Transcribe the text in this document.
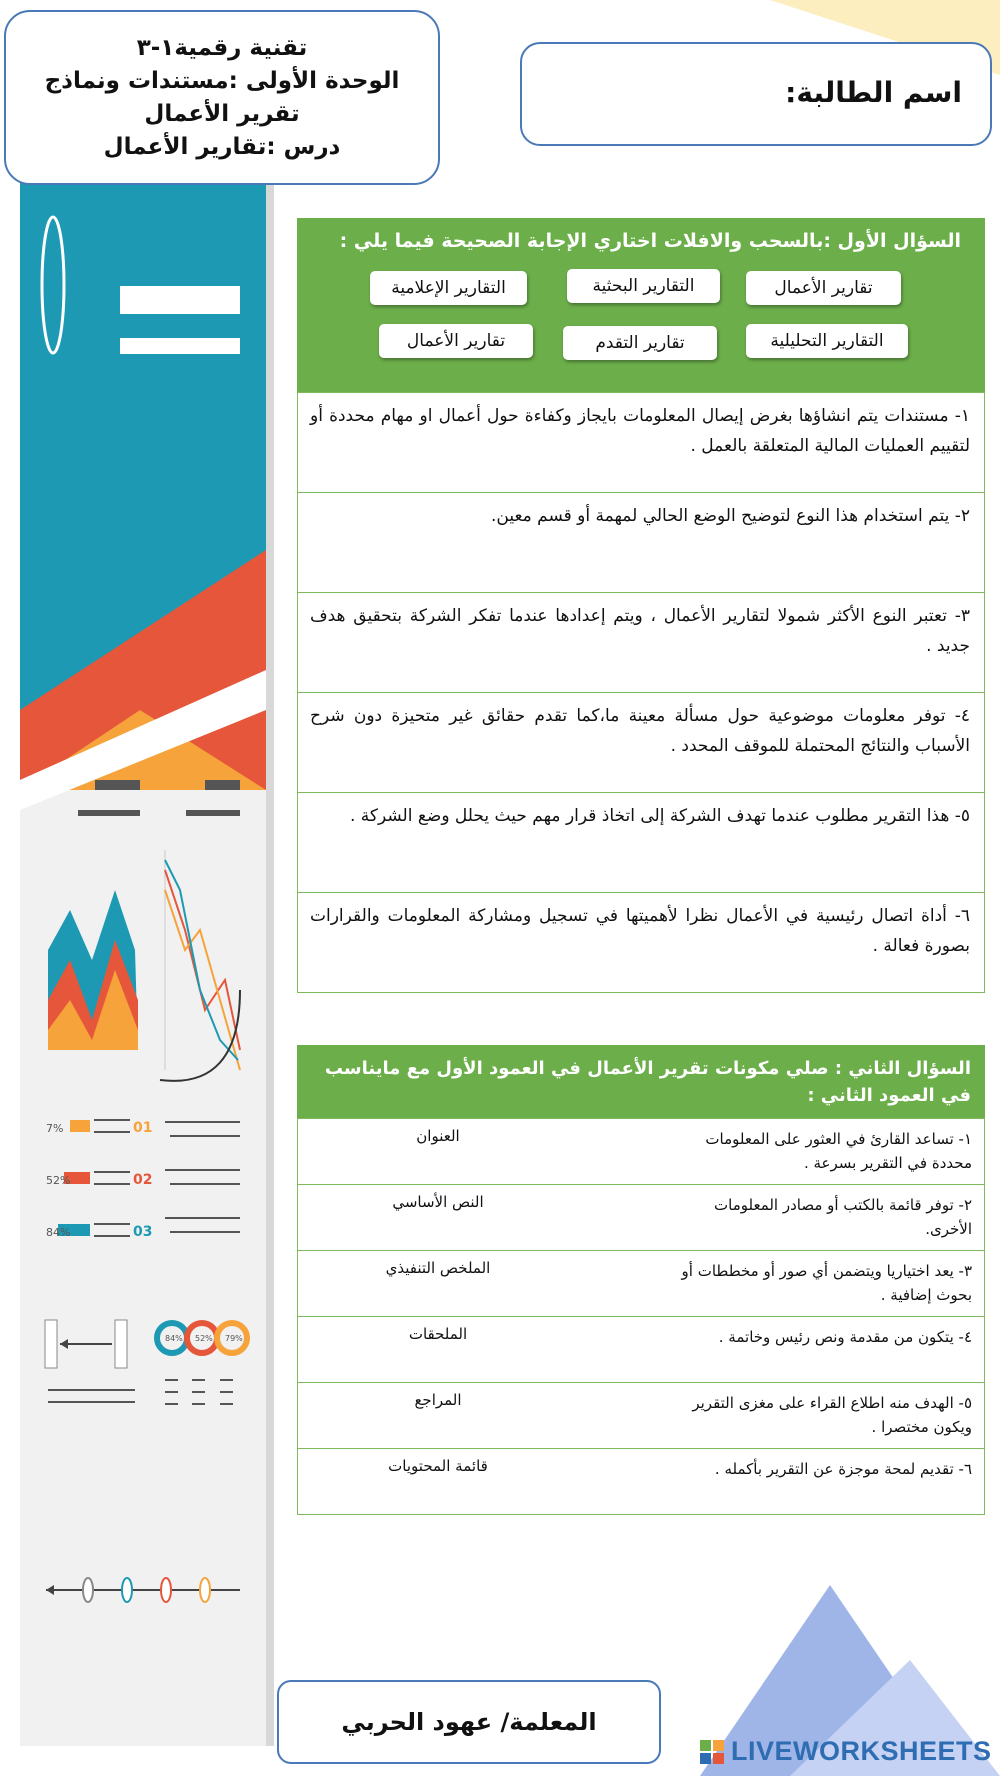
7%
52%
84%
01
02
03
84% 52% 79%
تقنية رقمية١-٣
الوحدة الأولى :مستندات ونماذج
تقرير الأعمال
درس :تقارير الأعمال
اسم الطالبة:
السؤال الأول :بالسحب والافلات اختاري الإجابة الصحيحة فيما يلي :
تقارير الأعمال
التقارير البحثية
التقارير الإعلامية
التقارير التحليلية
تقارير التقدم
تقارير الأعمال
١- مستندات يتم انشاؤها بغرض إيصال المعلومات بايجاز وكفاءة حول أعمال او مهام محددة أو لتقييم العمليات المالية المتعلقة بالعمل .
٢- يتم استخدام هذا النوع لتوضيح الوضع الحالي لمهمة أو قسم معين.
٣- تعتبر النوع الأكثر شمولا لتقارير الأعمال ، ويتم إعدادها عندما تفكر الشركة بتحقيق هدف جديد .
٤- توفر معلومات موضوعية حول مسألة معينة ما،كما تقدم حقائق غير متحيزة دون شرح الأسباب والنتائج المحتملة للموقف المحدد .
٥- هذا التقرير مطلوب عندما تهدف الشركة إلى اتخاذ قرار مهم حيث يحلل وضع الشركة .
٦- أداة اتصال رئيسية في الأعمال نظرا لأهميتها في تسجيل ومشاركة المعلومات والقرارات بصورة فعالة .
السؤال الثاني : صلي مكونات تقرير الأعمال في العمود الأول مع مايناسب في العمود الثاني :
١- تساعد القارئ في العثور على المعلومات محددة في التقرير بسرعة .
العنوان
٢- توفر قائمة بالكتب أو مصادر المعلومات الأخرى.
النص الأساسي
٣- يعد اختياريا ويتضمن أي صور أو مخططات أو بحوث إضافية .
الملخص التنفيذي
٤- يتكون من مقدمة ونص رئيس وخاتمة .
الملحقات
٥- الهدف منه اطلاع القراء على مغزى التقرير ويكون مختصرا .
المراجع
٦- تقديم لمحة موجزة عن التقرير بأكمله .
قائمة المحتويات
المعلمة/ عهود الحربي
LIVEWORKSHEETS
